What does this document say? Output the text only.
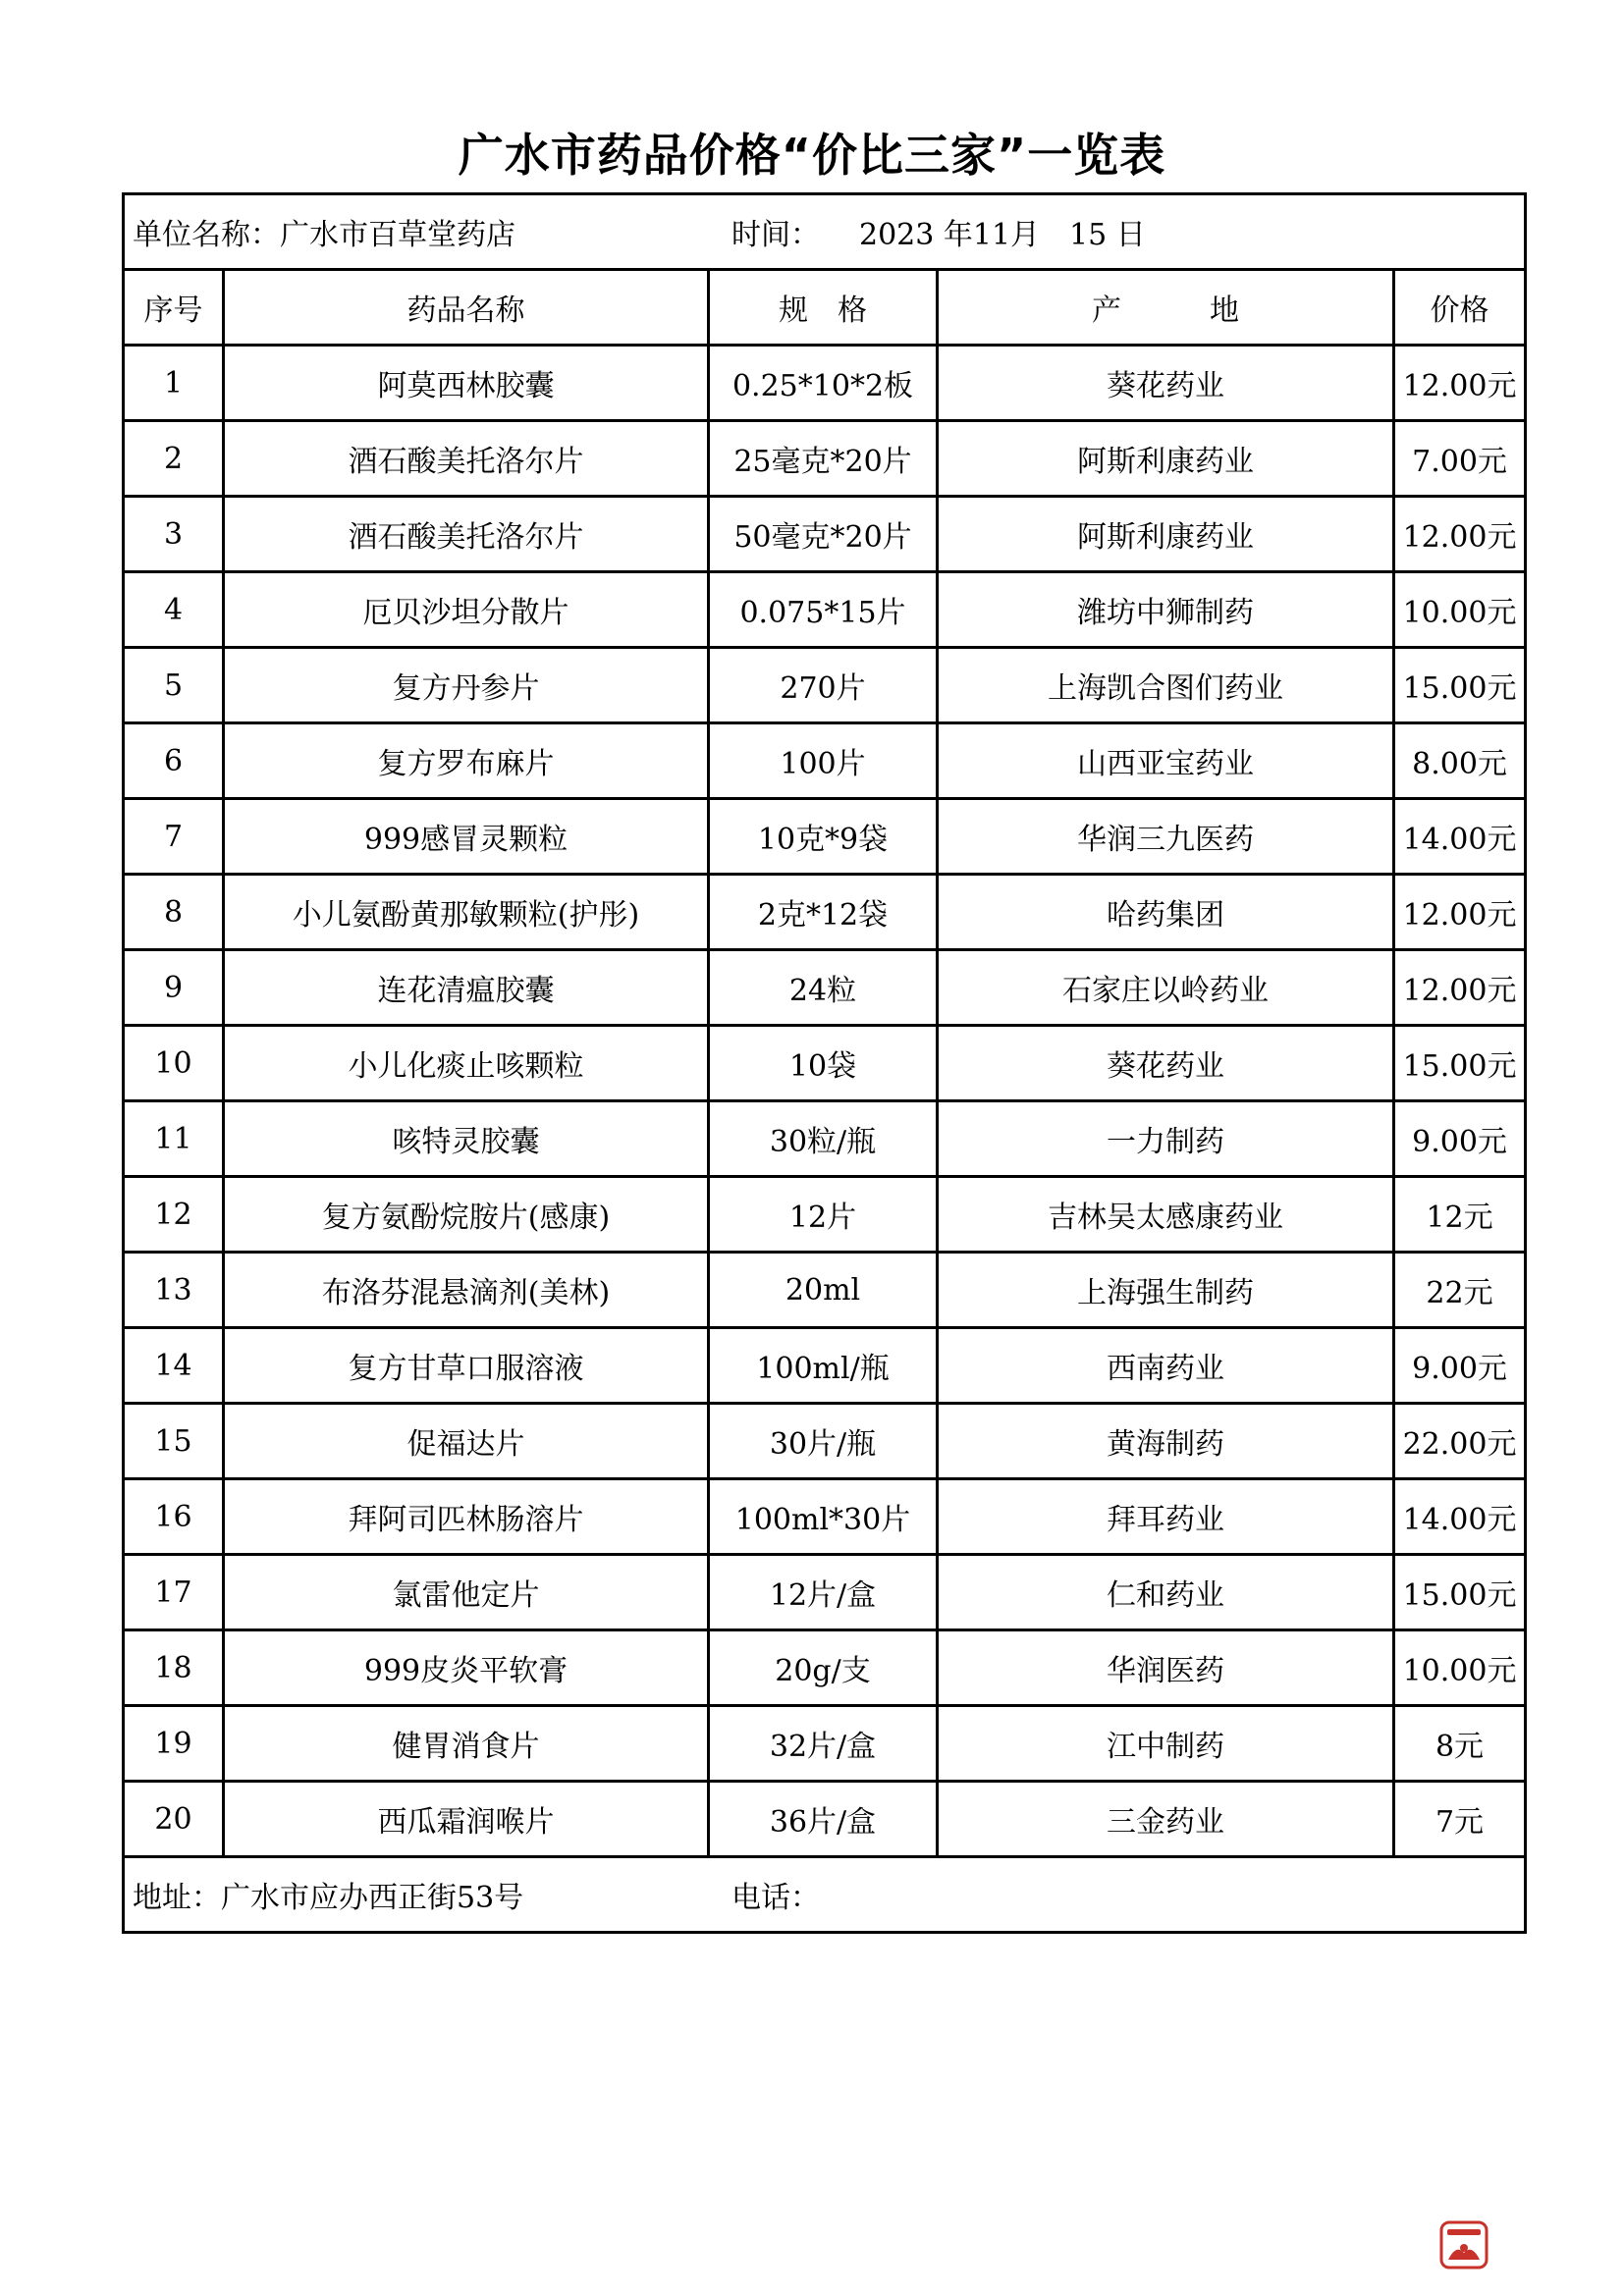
广水市药品价格“价比三家”一览表
单位名称：广水市百草堂药店 时间： 2023 年11月　15 日				
序号	药品名称	规　格	产　　　地	价格
1	阿莫西林胶囊	0.25*10*2板	葵花药业	12.00元
2	酒石酸美托洛尔片	25毫克*20片	阿斯利康药业	7.00元
3	酒石酸美托洛尔片	50毫克*20片	阿斯利康药业	12.00元
4	厄贝沙坦分散片	0.075*15片	潍坊中狮制药	10.00元
5	复方丹参片	270片	上海凯合图们药业	15.00元
6	复方罗布麻片	100片	山西亚宝药业	8.00元
7	999感冒灵颗粒	10克*9袋	华润三九医药	14.00元
8	小儿氨酚黄那敏颗粒(护彤)	2克*12袋	哈药集团	12.00元
9	连花清瘟胶囊	24粒	石家庄以岭药业	12.00元
10	小儿化痰止咳颗粒	10袋	葵花药业	15.00元
11	咳特灵胶囊	30粒/瓶	一力制药	9.00元
12	复方氨酚烷胺片(感康)	12片	吉林吴太感康药业	12元
13	布洛芬混悬滴剂(美林)	20ml	上海强生制药	22元
14	复方甘草口服溶液	100ml/瓶	西南药业	9.00元
15	促福达片	30片/瓶	黄海制药	22.00元
16	拜阿司匹林肠溶片	100ml*30片	拜耳药业	14.00元
17	氯雷他定片	12片/盒	仁和药业	15.00元
18	999皮炎平软膏	20g/支	华润医药	10.00元
19	健胃消食片	32片/盒	江中制药	8元
20	西瓜霜润喉片	36片/盒	三金药业	7元
地址：广水市应办西正街53号 电话：				
